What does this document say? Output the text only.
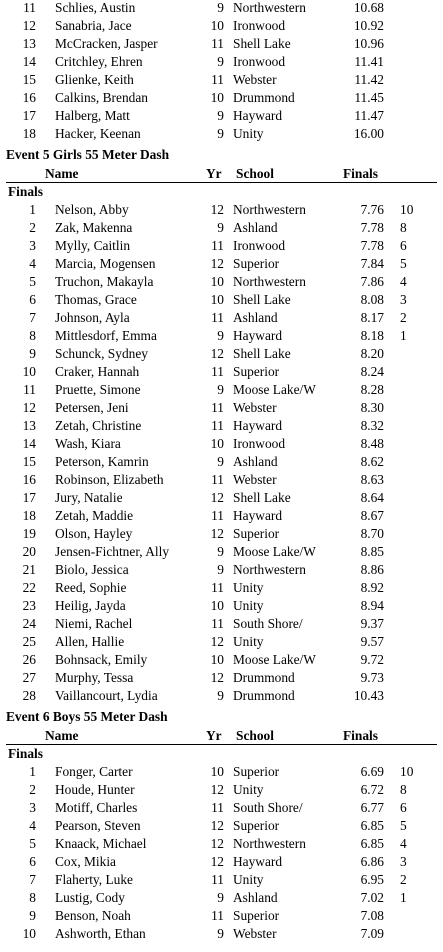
11 Schlies, Austin	9 Northwestern	10.68
12 Sanabria, Jace	10 Ironwood	10.92
13 McCracken, Jasper	11 Shell Lake	10.96
14 Critchley, Ehren	9 Ironwood	11.41
15 Glienke, Keith	11 Webster	11.42
16 Calkins, Brendan	10 Drummond	11.45
17 Halberg, Matt	9 Hayward	11.47
18 Hacker, Keenan	9 Unity	16.00
Event 5 Girls 55 Meter Dash
Name	Yr School	Finals
Finals
1 Nelson, Abby	12 Northwestern	7.76 10
2 Zak, Makenna	9 Ashland	7.78 8
3 Mylly, Caitlin	11 Ironwood	7.78 6
4 Marcia, Mogensen	12 Superior	7.84 5
5 Truchon, Makayla	10 Northwestern	7.86 4
6 Thomas, Grace	10 Shell Lake	8.08 3
7 Johnson, Ayla	11 Ashland	8.17 2
8 Mittlesdorf, Emma	9 Hayward	8.18 1
9 Schunck, Sydney	12 Shell Lake	8.20
10 Craker, Hannah	11 Superior	8.24
11 Pruette, Simone	9 Moose Lake/W	8.28
12 Petersen, Jeni	11 Webster	8.30
13 Zetah, Christine	11 Hayward	8.32
14 Wash, Kiara	10 Ironwood	8.48
15 Peterson, Kamrin	9 Ashland	8.62
16 Robinson, Elizabeth	11 Webster	8.63
17 Jury, Natalie	12 Shell Lake	8.64
18 Zetah, Maddie	11 Hayward	8.67
19 Olson, Hayley	12 Superior	8.70
20 Jensen-Fichtner, Ally	9 Moose Lake/W	8.85
21 Biolo, Jessica	9 Northwestern	8.86
22 Reed, Sophie	11 Unity	8.92
23 Heilig, Jayda	10 Unity	8.94
24 Niemi, Rachel	11 South Shore/	9.37
25 Allen, Hallie	12 Unity	9.57
26 Bohnsack, Emily	10 Moose Lake/W	9.72
27 Murphy, Tessa	12 Drummond	9.73
28 Vaillancourt, Lydia	9 Drummond	10.43
Event 6 Boys 55 Meter Dash
Name	Yr School	Finals
Finals
1 Fonger, Carter	10 Superior	6.69 10
2 Houde, Hunter	12 Unity	6.72 8
3 Motiff, Charles	11 South Shore/	6.77 6
4 Pearson, Steven	12 Superior	6.85 5
5 Knaack, Michael	12 Northwestern	6.85 4
6 Cox, Mikia	12 Hayward	6.86 3
7 Flaherty, Luke	11 Unity	6.95 2
8 Lustig, Cody	9 Ashland	7.02 1
9 Benson, Noah	11 Superior	7.08
10 Ashworth, Ethan	9 Webster	7.09
